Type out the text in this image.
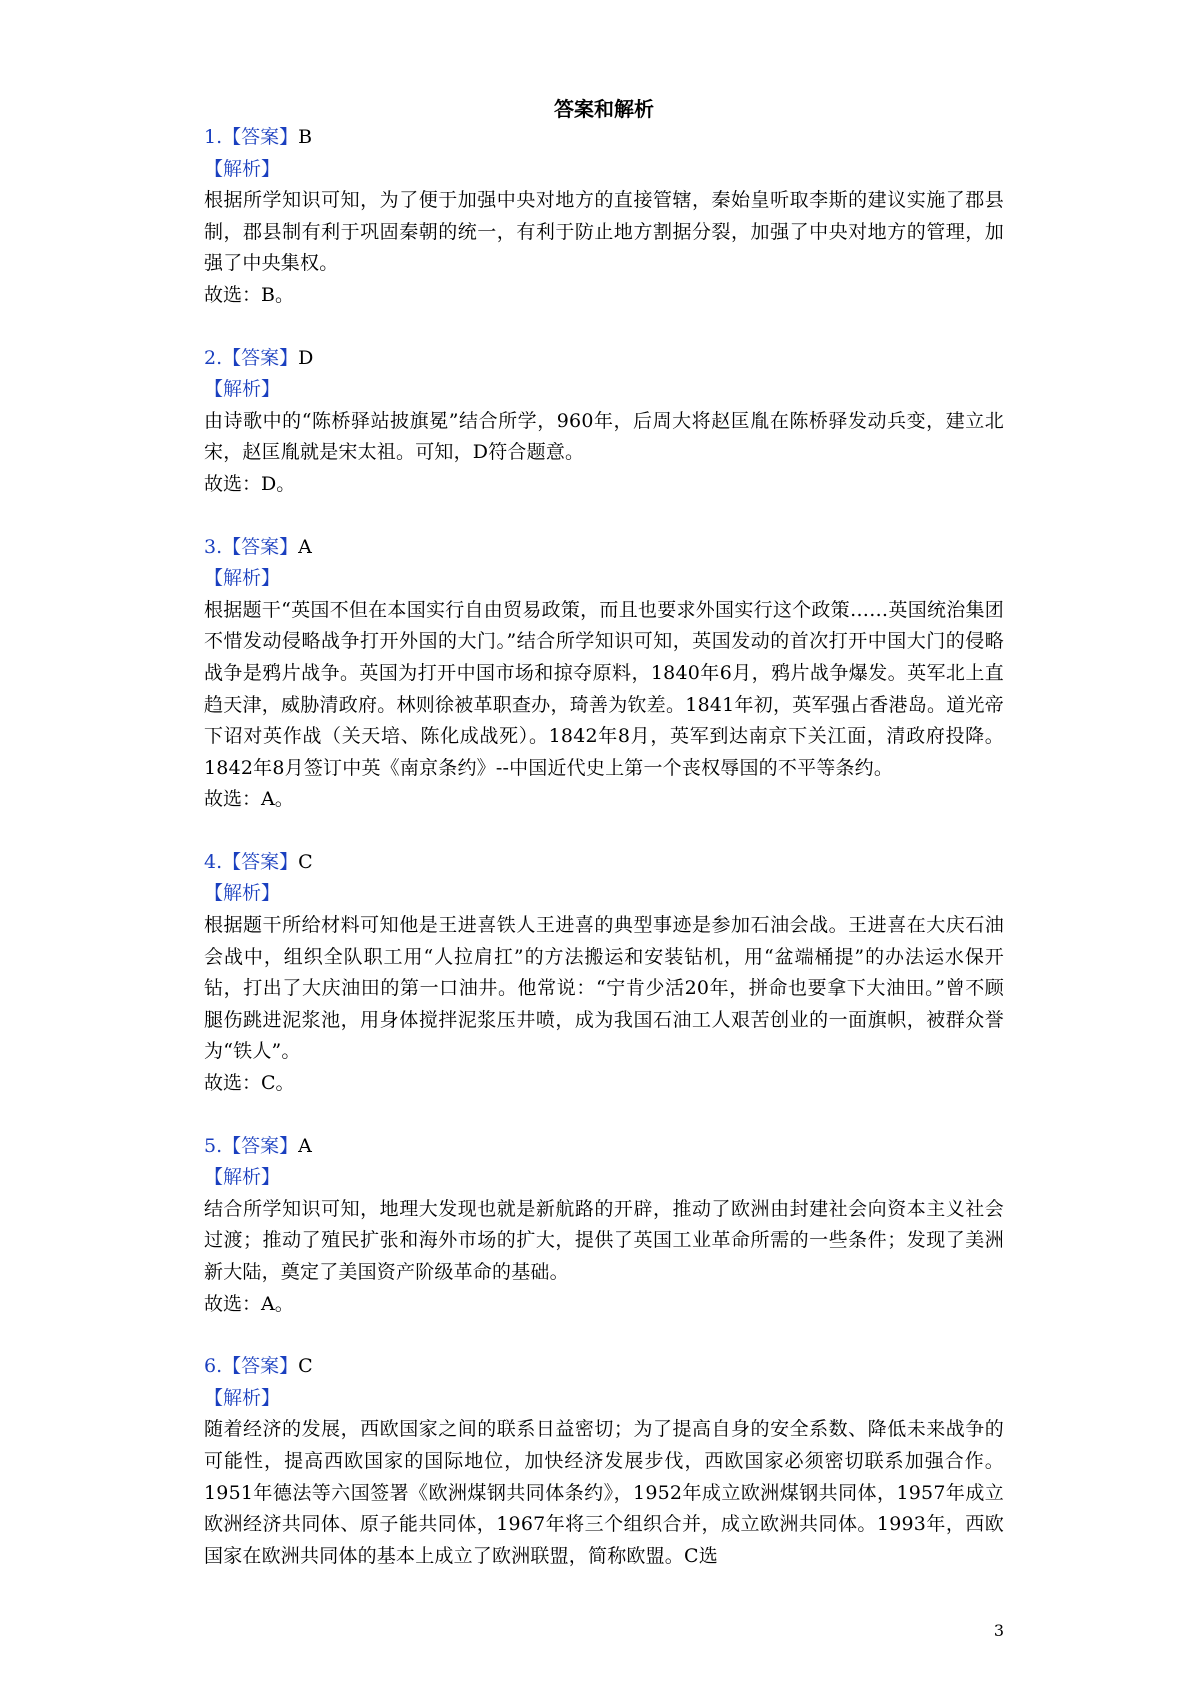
答案和解析

1.【答案】B

【解析】

根据所学知识可知，为了便于加强中央对地方的直接管辖，秦始皇听取李斯的建议实施了郡县制，郡县制有利于巩固秦朝的统一，有利于防止地方割据分裂，加强了中央对地方的管理，加强了中央集权。

故选：B。

2.【答案】D

【解析】

由诗歌中的“陈桥驿站披旗冕”结合所学，960年，后周大将赵匡胤在陈桥驿发动兵变，建立北宋，赵匡胤就是宋太祖。可知，D符合题意。

故选：D。

3.【答案】A

【解析】

根据题干“英国不但在本国实行自由贸易政策，而且也要求外国实行这个政策……英国统治集团不惜发动侵略战争打开外国的大门。”结合所学知识可知，英国发动的首次打开中国大门的侵略战争是鸦片战争。英国为打开中国市场和掠夺原料，1840年6月，鸦片战争爆发。英军北上直趋天津，威胁清政府。林则徐被革职查办，琦善为钦差。1841年初，英军强占香港岛。道光帝下诏对英作战（关天培、陈化成战死）。1842年8月，英军到达南京下关江面，清政府投降。1842年8月签订中英《南京条约》--中国近代史上第一个丧权辱国的不平等条约。

故选：A。

4.【答案】C

【解析】

根据题干所给材料可知他是王进喜铁人王进喜的典型事迹是参加石油会战。王进喜在大庆石油会战中，组织全队职工用“人拉肩扛”的方法搬运和安装钻机，用“盆端桶提”的办法运水保开钻，打出了大庆油田的第一口油井。他常说：“宁肯少活20年，拼命也要拿下大油田。”曾不顾腿伤跳进泥浆池，用身体搅拌泥浆压井喷，成为我国石油工人艰苦创业的一面旗帜，被群众誉为“铁人”。

故选：C。

5.【答案】A

【解析】

结合所学知识可知，地理大发现也就是新航路的开辟，推动了欧洲由封建社会向资本主义社会过渡；推动了殖民扩张和海外市场的扩大，提供了英国工业革命所需的一些条件；发现了美洲新大陆，奠定了美国资产阶级革命的基础。

故选：A。

6.【答案】C

【解析】

随着经济的发展，西欧国家之间的联系日益密切；为了提高自身的安全系数、降低未来战争的可能性，提高西欧国家的国际地位，加快经济发展步伐，西欧国家必须密切联系加强合作。1951年德法等六国签署《欧洲煤钢共同体条约》，1952年成立欧洲煤钢共同体，1957年成立欧洲经济共同体、原子能共同体，1967年将三个组织合并，成立欧洲共同体。1993年，西欧国家在欧洲共同体的基本上成立了欧洲联盟，简称欧盟。C选

3
